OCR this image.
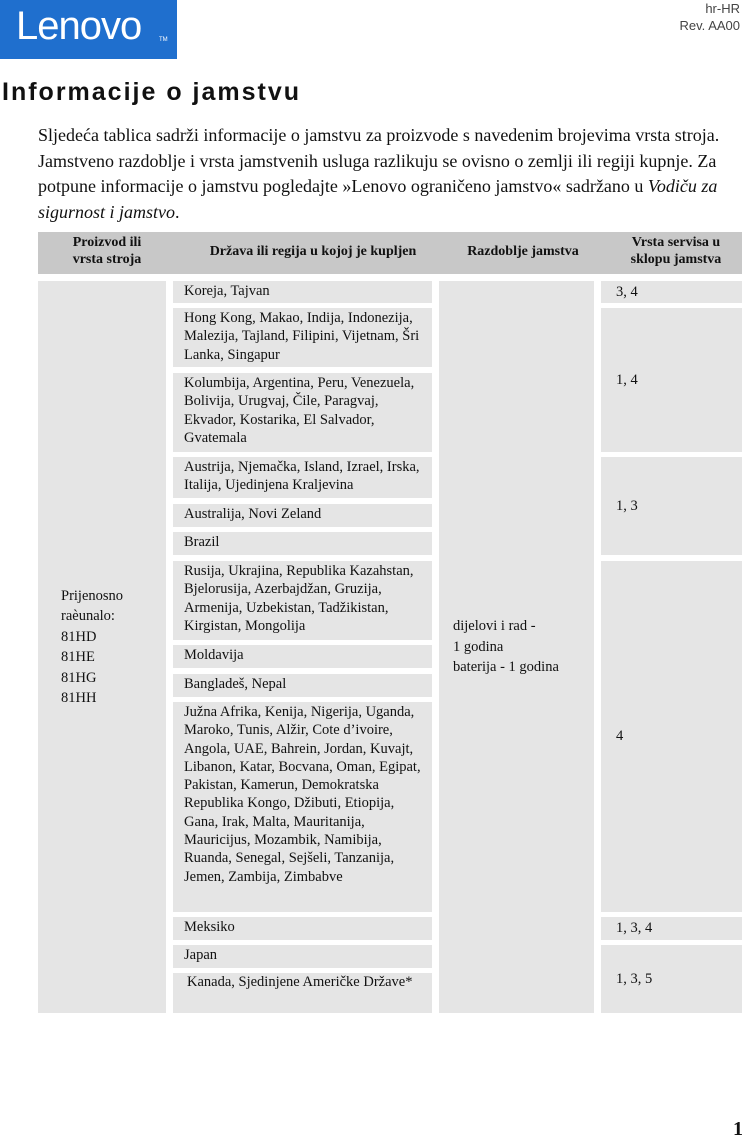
Lenovo	TM
hr-HR
Rev. AA00
Informacije o jamstvu
Sljedeća tablica sadrži informacije o jamstvu za proizvode s navedenim brojevima vrsta stroja. Jamstveno razdoblje i vrsta jamstvenih usluga razlikuju se ovisno o zemlji ili regiji kupnje. Za potpune informacije o jamstvu pogledajte »Lenovo ograničeno jamstvo« sadržano u Vodiču za sigurnost i jamstvo.
Proizvod ili vrsta stroja
Država ili regija u kojoj je kupljen	Razdoblje jamstva
Vrsta servisa u sklopu jamstva
Prijenosno
raèunalo:
81HD
81HE
81HG
81HH
Koreja, Tajvan
Hong Kong, Makao, Indija, Indonezija, Malezija, Tajland, Filipini, Vijetnam, Šri Lanka, Singapur
Kolumbija, Argentina, Peru, Venezuela, Bolivija, Urugvaj, Čile, Paragvaj, Ekvador, Kostarika, El Salvador, Gvatemala
Austrija, Njemačka, Island, Izrael, Irska, Italija, Ujedinjena Kraljevina
Australija, Novi Zeland
Brazil
Rusija, Ukrajina, Republika Kazahstan, Bjelorusija, Azerbajdžan, Gruzija, Armenija, Uzbekistan, Tadžikistan, Kirgistan, Mongolija
Moldavija
Bangladeš, Nepal
Južna Afrika, Kenija, Nigerija, Uganda, Maroko, Tunis, Alžir, Cote d’ivoire, Angola, UAE, Bahrein, Jordan, Kuvajt, Libanon, Katar, Bocvana, Oman, Egipat, Pakistan, Kamerun, Demokratska Republika Kongo, Džibuti, Etiopija, Gana, Irak, Malta, Mauritanija, Mauricijus, Mozambik, Namibija, Ruanda, Senegal, Sejšeli, Tanzanija, Jemen, Zambija, Zimbabve
Meksiko
Japan
Kanada, Sjedinjene Američke Države*
dijelovi i rad -
1 godina
baterija - 1 godina
3, 4
1, 4
1, 3
4
1, 3, 4
1, 3, 5
1
